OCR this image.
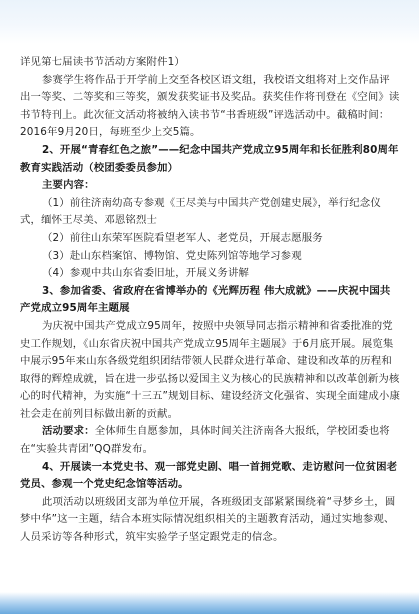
详见第七届读书节活动方案附件1）

参赛学生将作品于开学前上交至各校区语文组，我校语文组将对上交作品评出一等奖、二等奖和三等奖，颁发获奖证书及奖品。获奖佳作将刊登在《空间》读书节特刊上。此次征文活动将被纳入读书节“书香班级”评选活动中。截稿时间：2016年9月20日，每班至少上交5篇。

2、开展“青春红色之旅”——纪念中国共产党成立95周年和长征胜利80周年教育实践活动（校团委委员参加）

主要内容：

（1）前往济南幼高专参观《王尽美与中国共产党创建史展》，举行纪念仪式，缅怀王尽美、邓恩铭烈士

（2）前往山东荣军医院看望老军人、老党员，开展志愿服务

（3）赴山东档案馆、博物馆、党史陈列馆等地学习参观

（4）参观中共山东省委旧址，开展义务讲解

3、参加省委、省政府在省博举办的《光辉历程 伟大成就》——庆祝中国共产党成立95周年主题展

为庆祝中国共产党成立95周年，按照中央领导同志指示精神和省委批准的党史工作规划，《山东省庆祝中国共产党成立95周年主题展》于6月底开展。展览集中展示95年来山东各级党组织团结带领人民群众进行革命、建设和改革的历程和取得的辉煌成就，旨在进一步弘扬以爱国主义为核心的民族精神和以改革创新为核心的时代精神，为实施“十三五”规划目标、建设经济文化强省、实现全面建成小康社会走在前列目标做出新的贡献。

活动要求：全体师生自愿参加，具体时间关注济南各大报纸，学校团委也将在“实验共青团”QQ群发布。

4、开展读一本党史书、观一部党史剧、唱一首拥党歌、走访慰问一位贫困老党员、参观一个党史纪念馆等活动。

此项活动以班级团支部为单位开展，各班级团支部紧紧围绕着“寻梦乡土，圆梦中华”这一主题，结合本班实际情况组织相关的主题教育活动，通过实地参观、人员采访等各种形式，筑牢实验学子坚定跟党走的信念。
